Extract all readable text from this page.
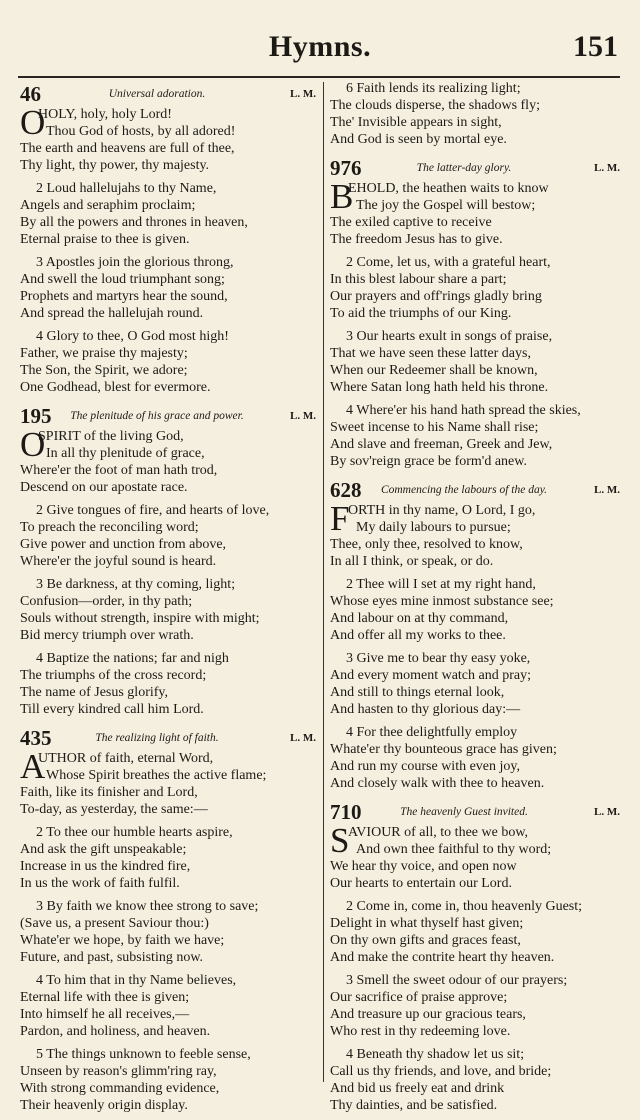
Hymns.	151
46	Universal adoration.	L. M.
O
HOLY, holy, holy Lord!
Thou God of hosts, by all adored!
The earth and heavens are full of thee,
Thy light, thy power, thy majesty.
2 Loud hallelujahs to thy Name,
Angels and seraphim proclaim;
By all the powers and thrones in heaven,
Eternal praise to thee is given.
3 Apostles join the glorious throng,
And swell the loud triumphant song;
Prophets and martyrs hear the sound,
And spread the hallelujah round.
4 Glory to thee, O God most high!
Father, we praise thy majesty;
The Son, the Spirit, we adore;
One Godhead, blest for evermore.
195	The plenitude of his grace and power.	L. M.
O
SPIRIT of the living God,
In all thy plenitude of grace,
Where'er the foot of man hath trod,
Descend on our apostate race.
2 Give tongues of fire, and hearts of love,
To preach the reconciling word;
Give power and unction from above,
Where'er the joyful sound is heard.
3 Be darkness, at thy coming, light;
Confusion—order, in thy path;
Souls without strength, inspire with might;
Bid mercy triumph over wrath.
4 Baptize the nations; far and nigh
The triumphs of the cross record;
The name of Jesus glorify,
Till every kindred call him Lord.
435	The realizing light of faith.	L. M.
A
UTHOR of faith, eternal Word,
Whose Spirit breathes the active flame;
Faith, like its finisher and Lord,
To-day, as yesterday, the same:—
2 To thee our humble hearts aspire,
And ask the gift unspeakable;
Increase in us the kindred fire,
In us the work of faith fulfil.
3 By faith we know thee strong to save;
(Save us, a present Saviour thou:)
Whate'er we hope, by faith we have;
Future, and past, subsisting now.
4 To him that in thy Name believes,
Eternal life with thee is given;
Into himself he all receives,—
Pardon, and holiness, and heaven.
5 The things unknown to feeble sense,
Unseen by reason's glimm'ring ray,
With strong commanding evidence,
Their heavenly origin display.
6 Faith lends its realizing light;
The clouds disperse, the shadows fly;
The' Invisible appears in sight,
And God is seen by mortal eye.
976	The latter-day glory.	L. M.
B
EHOLD, the heathen waits to know
The joy the Gospel will bestow;
The exiled captive to receive
The freedom Jesus has to give.
2 Come, let us, with a grateful heart,
In this blest labour share a part;
Our prayers and off'rings gladly bring
To aid the triumphs of our King.
3 Our hearts exult in songs of praise,
That we have seen these latter days,
When our Redeemer shall be known,
Where Satan long hath held his throne.
4 Where'er his hand hath spread the skies,
Sweet incense to his Name shall rise;
And slave and freeman, Greek and Jew,
By sov'reign grace be form'd anew.
628	Commencing the labours of the day.	L. M.
F
ORTH in thy name, O Lord, I go,
My daily labours to pursue;
Thee, only thee, resolved to know,
In all I think, or speak, or do.
2 Thee will I set at my right hand,
Whose eyes mine inmost substance see;
And labour on at thy command,
And offer all my works to thee.
3 Give me to bear thy easy yoke,
And every moment watch and pray;
And still to things eternal look,
And hasten to thy glorious day:—
4 For thee delightfully employ
Whate'er thy bounteous grace has given;
And run my course with even joy,
And closely walk with thee to heaven.
710	The heavenly Guest invited.	L. M.
S
AVIOUR of all, to thee we bow,
And own thee faithful to thy word;
We hear thy voice, and open now
Our hearts to entertain our Lord.
2 Come in, come in, thou heavenly Guest;
Delight in what thyself hast given;
On thy own gifts and graces feast,
And make the contrite heart thy heaven.
3 Smell the sweet odour of our prayers;
Our sacrifice of praise approve;
And treasure up our gracious tears,
Who rest in thy redeeming love.
4 Beneath thy shadow let us sit;
Call us thy friends, and love, and bride;
And bid us freely eat and drink
Thy dainties, and be satisfied.
